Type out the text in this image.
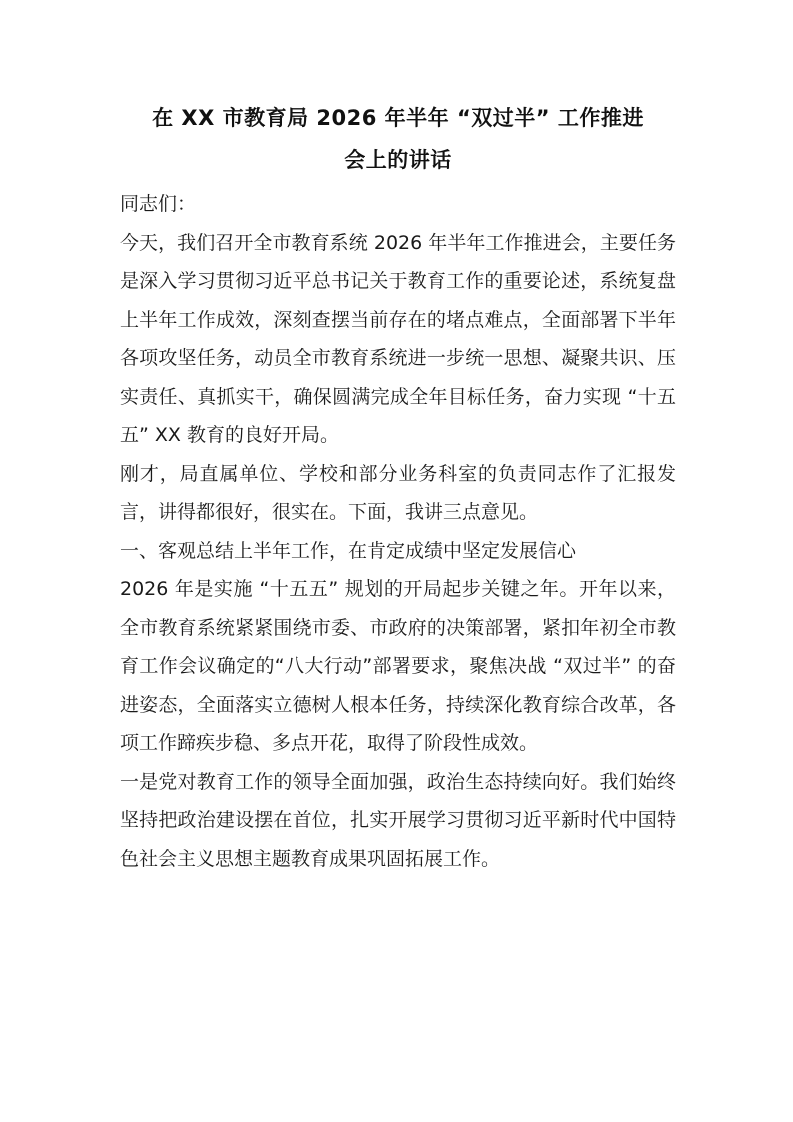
在 XX 市教育局 2026 年半年 “双过半” 工作推进
会上的讲话

同志们：

今天，我们召开全市教育系统 2026 年半年工作推进会，主要任务是深入学习贯彻习近平总书记关于教育工作的重要论述，系统复盘上半年工作成效，深刻查摆当前存在的堵点难点，全面部署下半年各项攻坚任务，动员全市教育系统进一步统一思想、凝聚共识、压实责任、真抓实干，确保圆满完成全年目标任务，奋力实现 “十五五” XX 教育的良好开局。

刚才，局直属单位、学校和部分业务科室的负责同志作了汇报发言，讲得都很好，很实在。下面，我讲三点意见。

一、客观总结上半年工作，在肯定成绩中坚定发展信心

2026 年是实施 “十五五” 规划的开局起步关键之年。开年以来，全市教育系统紧紧围绕市委、市政府的决策部署，紧扣年初全市教育工作会议确定的“八大行动”部署要求，聚焦决战 “双过半” 的奋进姿态，全面落实立德树人根本任务，持续深化教育综合改革，各项工作蹄疾步稳、多点开花，取得了阶段性成效。

一是党对教育工作的领导全面加强，政治生态持续向好。我们始终坚持把政治建设摆在首位，扎实开展学习贯彻习近平新时代中国特色社会主义思想主题教育成果巩固拓展工作。
